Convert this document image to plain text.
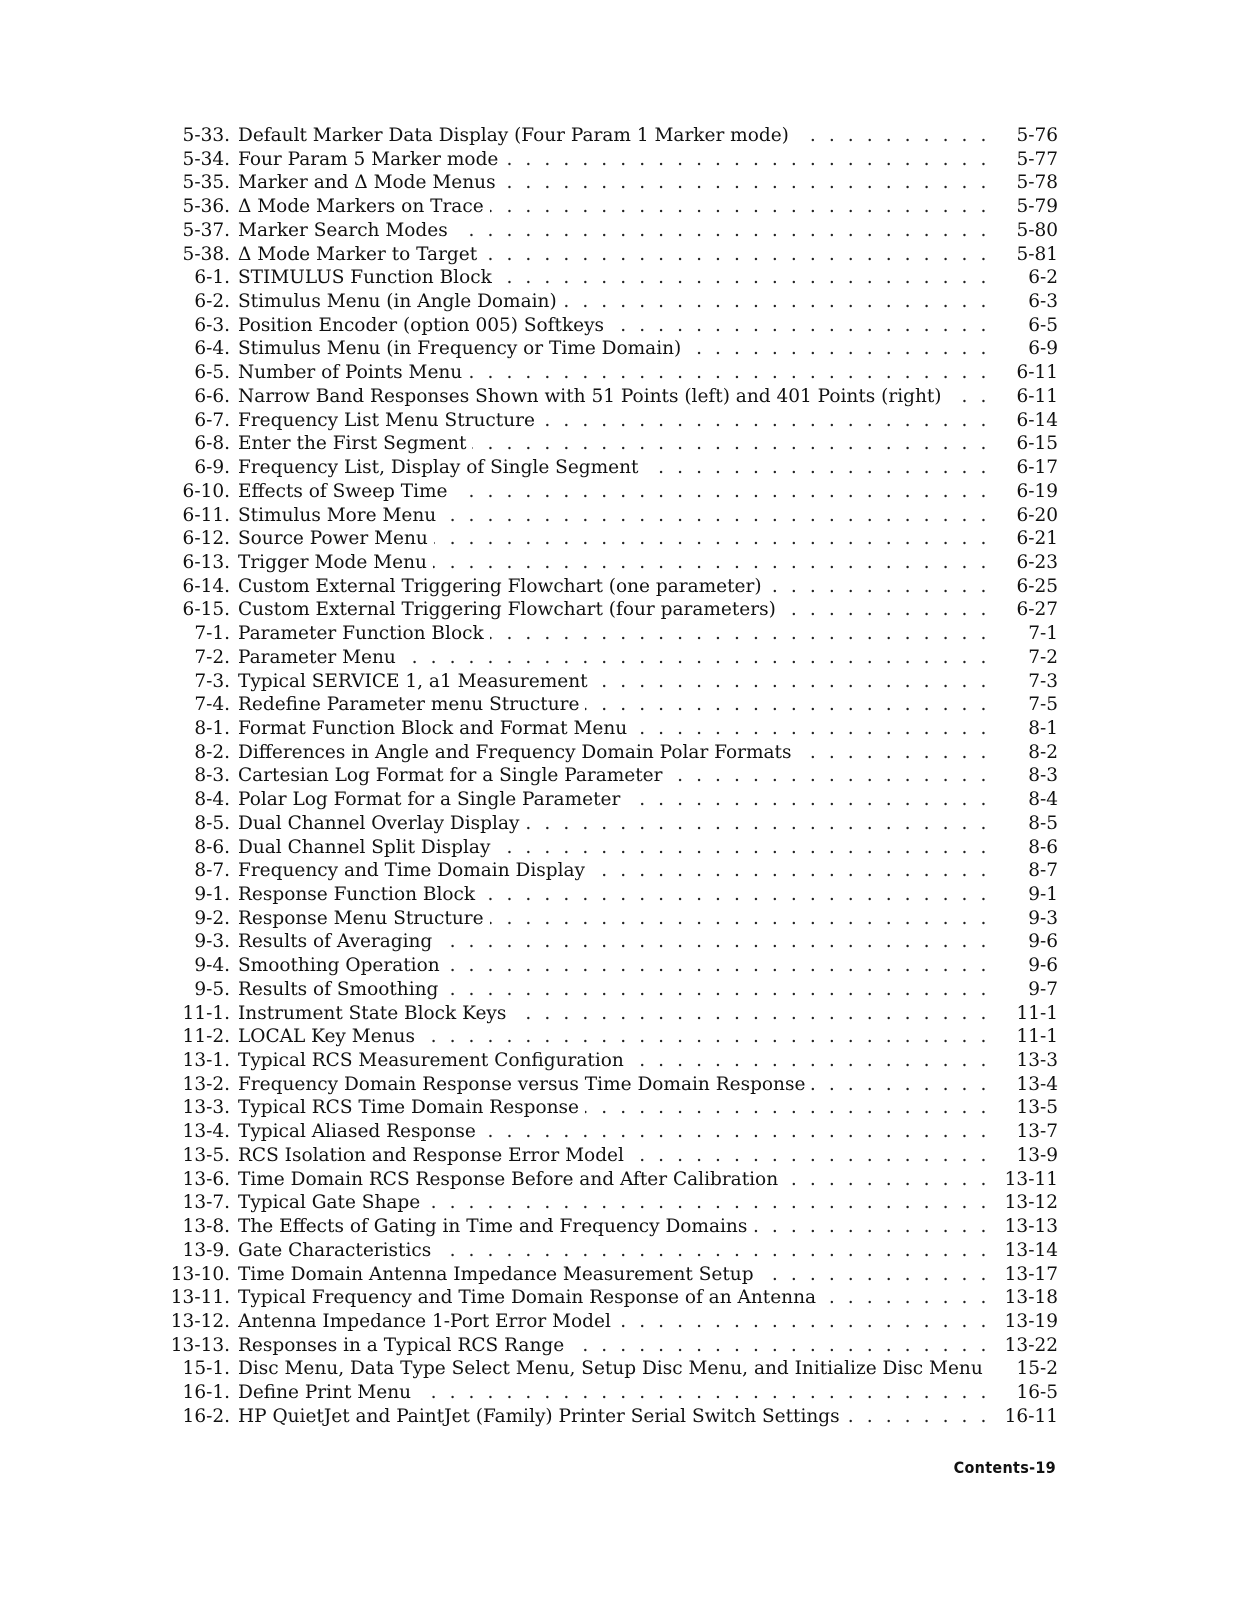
5-33. Default Marker Data Display (Four Param 1 Marker mode) . . .	5-76
5-34. Four Param 5 Marker mode . . .	5-77
5-35. Marker and Δ Mode Menus . . .	5-78
5-36. Δ Mode Markers on Trace . . .	5-79
5-37. Marker Search Modes . . .	5-80
5-38. Δ Mode Marker to Target . . .	5-81
6-1. STIMULUS Function Block . . .	6-2
6-2. Stimulus Menu (in Angle Domain) . . .	6-3
6-3. Position Encoder (option 005) Softkeys . . .	6-5
6-4. Stimulus Menu (in Frequency or Time Domain) . . .	6-9
6-5. Number of Points Menu . . .	6-11
6-6. Narrow Band Responses Shown with 51 Points (left) and 401 Points (right) . . .	6-11
6-7. Frequency List Menu Structure . . .	6-14
6-8. Enter the First Segment . . .	6-15
6-9. Frequency List, Display of Single Segment . . .	6-17
6-10. Effects of Sweep Time . . .	6-19
6-11. Stimulus More Menu . . .	6-20
6-12. Source Power Menu . . .	6-21
6-13. Trigger Mode Menu . . .	6-23
6-14. Custom External Triggering Flowchart (one parameter) . . .	6-25
6-15. Custom External Triggering Flowchart (four parameters) . . .	6-27
7-1. Parameter Function Block . . .	7-1
7-2. Parameter Menu . . .	7-2
7-3. Typical SERVICE 1, a1 Measurement . . .	7-3
7-4. Redefine Parameter menu Structure . . .	7-5
8-1. Format Function Block and Format Menu . . .	8-1
8-2. Differences in Angle and Frequency Domain Polar Formats . . .	8-2
8-3. Cartesian Log Format for a Single Parameter . . .	8-3
8-4. Polar Log Format for a Single Parameter . . .	8-4
8-5. Dual Channel Overlay Display . . .	8-5
8-6. Dual Channel Split Display . . .	8-6
8-7. Frequency and Time Domain Display . . .	8-7
9-1. Response Function Block . . .	9-1
9-2. Response Menu Structure . . .	9-3
9-3. Results of Averaging . . .	9-6
9-4. Smoothing Operation . . .	9-6
9-5. Results of Smoothing . . .	9-7
11-1. Instrument State Block Keys . . .	11-1
11-2. LOCAL Key Menus . . .	11-1
13-1. Typical RCS Measurement Configuration . . .	13-3
13-2. Frequency Domain Response versus Time Domain Response . . .	13-4
13-3. Typical RCS Time Domain Response . . .	13-5
13-4. Typical Aliased Response . . .	13-7
13-5. RCS Isolation and Response Error Model . . .	13-9
13-6. Time Domain RCS Response Before and After Calibration . . .	13-11
13-7. Typical Gate Shape . . .	13-12
13-8. The Effects of Gating in Time and Frequency Domains . . .	13-13
13-9. Gate Characteristics . . .	13-14
13-10. Time Domain Antenna Impedance Measurement Setup . . .	13-17
13-11. Typical Frequency and Time Domain Response of an Antenna . . .	13-18
13-12. Antenna Impedance 1-Port Error Model . . .	13-19
13-13. Responses in a Typical RCS Range . . .	13-22
15-1. Disc Menu, Data Type Select Menu, Setup Disc Menu, and Initialize Disc Menu	15-2
16-1. Define Print Menu . . .	16-5
16-2. HP QuietJet and PaintJet (Family) Printer Serial Switch Settings . . .	16-11
Contents-19
